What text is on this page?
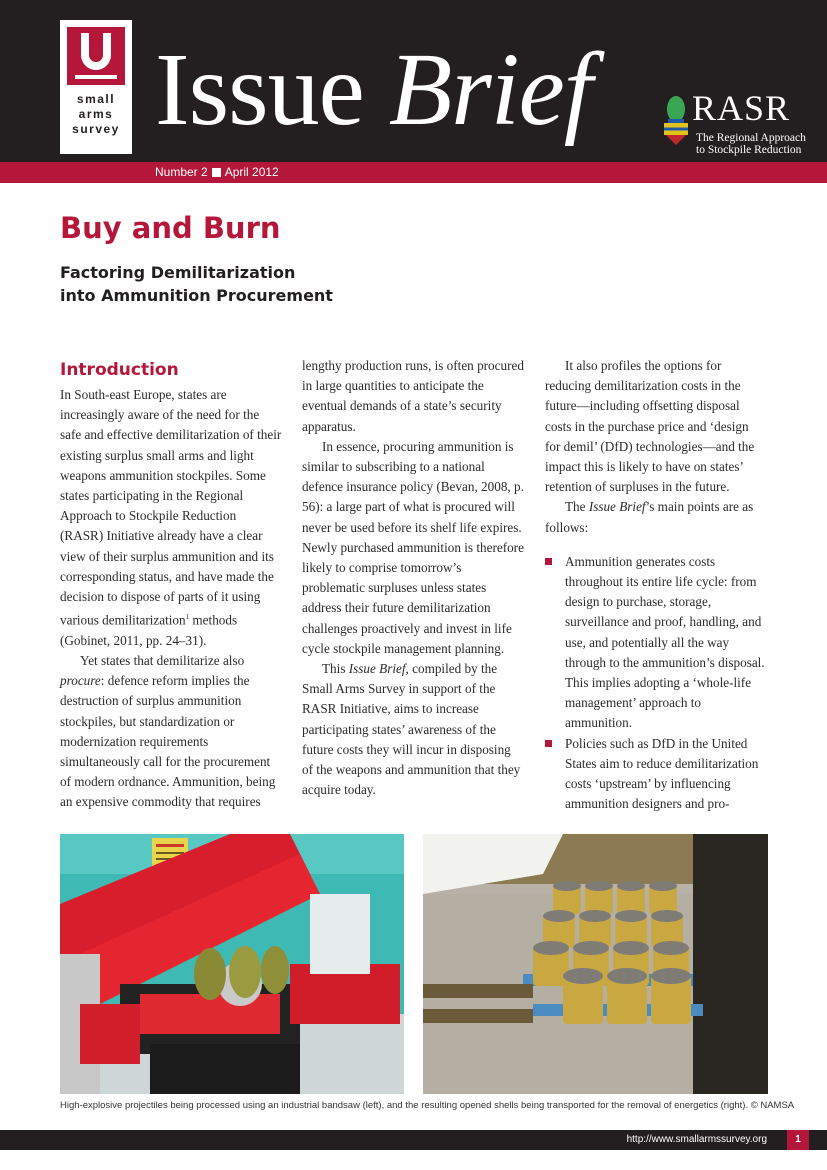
small
arms
survey Issue Brief	RASR
The Regional Approach
to Stockpile Reduction
Number 2 April 2012
Buy and Burn
Factoring Demilitarization
into Ammunition Procurement
Introduction

In South-east Europe, states are increasingly aware of the need for the safe and effective demilitarization of their existing surplus small arms and light weapons ammunition stockpiles. Some states participating in the Regional Approach to Stockpile Reduction (RASR) Initiative already have a clear view of their surplus ammunition and its corresponding status, and have made the decision to dispose of parts of it using various demilitarization$^1$ methods (Gobinet, 2011, pp. 24–31).

Yet states that demilitarize also procure: defence reform implies the destruction of surplus ammunition stockpiles, but standardization or modernization requirements simultaneously call for the procurement of modern ordnance. Ammunition, being an expensive commodity that requires

lengthy production runs, is often procured in large quantities to anticipate the eventual demands of a state’s security apparatus.

In essence, procuring ammunition is similar to subscribing to a national defence insurance policy (Bevan, 2008, p. 56): a large part of what is procured will never be used before its shelf life expires. Newly purchased ammunition is therefore likely to comprise tomorrow’s problematic surpluses unless states address their future demilitarization challenges proactively and invest in life cycle stockpile management planning.

This Issue Brief, compiled by the Small Arms Survey in support of the RASR Initiative, aims to increase participating states’ awareness of the future costs they will incur in disposing of the weapons and ammunition that they acquire today.

It also profiles the options for reducing demilitarization costs in the future—including offsetting disposal costs in the purchase price and ‘design for demil’ (DfD) technologies—and the impact this is likely to have on states’ retention of surpluses in the future.

The Issue Brief’s main points are as follows:

Ammunition generates costs throughout its entire life cycle: from design to purchase, storage, surveillance and proof, handling, and use, and potentially all the way through to the ammunition’s disposal. This implies adopting a ‘whole-life management’ approach to ammunition.
Policies such as DfD in the United States aim to reduce demilitarization costs ‘upstream’ by influencing ammunition designers and pro-
High-explosive projectiles being processed using an industrial bandsaw (left), and the resulting opened shells being transported for the removal of energetics (right). © NAMSA
http://www.smallarmssurvey.org	1
